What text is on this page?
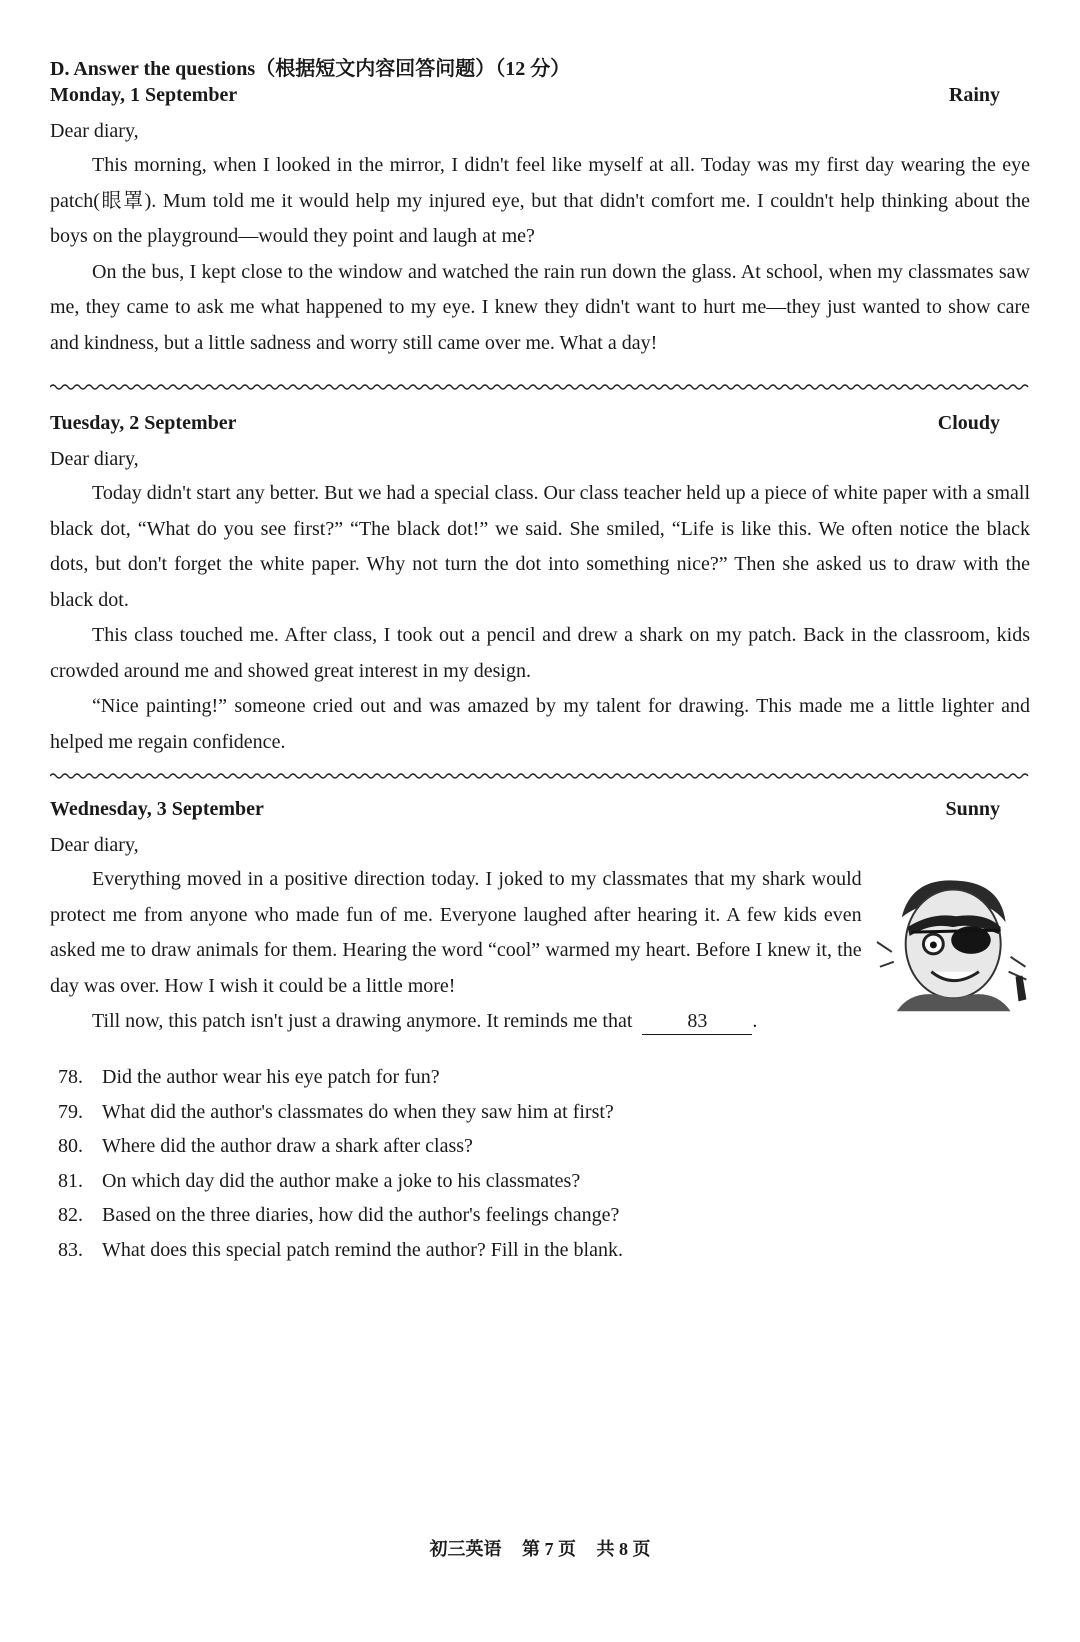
D. Answer the questions（根据短文内容回答问题）（12 分）
Monday, 1 September	Rainy
Dear diary,

This morning, when I looked in the mirror, I didn't feel like myself at all. Today was my first day wearing the eye patch(眼罩). Mum told me it would help my injured eye, but that didn't comfort me. I couldn't help thinking about the boys on the playground—would they point and laugh at me?

On the bus, I kept close to the window and watched the rain run down the glass. At school, when my classmates saw me, they came to ask me what happened to my eye. I knew they didn't want to hurt me—they just wanted to show care and kindness, but a little sadness and worry still came over me. What a day!

Tuesday, 2 September	Cloudy
Dear diary,

Today didn't start any better. But we had a special class. Our class teacher held up a piece of white paper with a small black dot, “What do you see first?” “The black dot!” we said. She smiled, “Life is like this. We often notice the black dots, but don't forget the white paper. Why not turn the dot into something nice?” Then she asked us to draw with the black dot.

This class touched me. After class, I took out a pencil and drew a shark on my patch. Back in the classroom, kids crowded around me and showed great interest in my design.

“Nice painting!” someone cried out and was amazed by my talent for drawing. This made me a little lighter and helped me regain confidence.

Wednesday, 3 September	Sunny
Dear diary,

Everything moved in a positive direction today. I joked to my classmates that my shark would protect me from anyone who made fun of me. Everyone laughed after hearing it. A few kids even asked me to draw animals for them. Hearing the word “cool” warmed my heart. Before I knew it, the day was over. How I wish it could be a little more!

Till now, this patch isn't just a drawing anymore. It reminds me that	83 .

78. Did the author wear his eye patch for fun?
79. What did the author's classmates do when they saw him at first?
80. Where did the author draw a shark after class?
81. On which day did the author make a joke to his classmates?
82. Based on the three diaries, how did the author's feelings change?
83. What does this special patch remind the author? Fill in the blank.
初三英语 第 7 页 共 8 页
